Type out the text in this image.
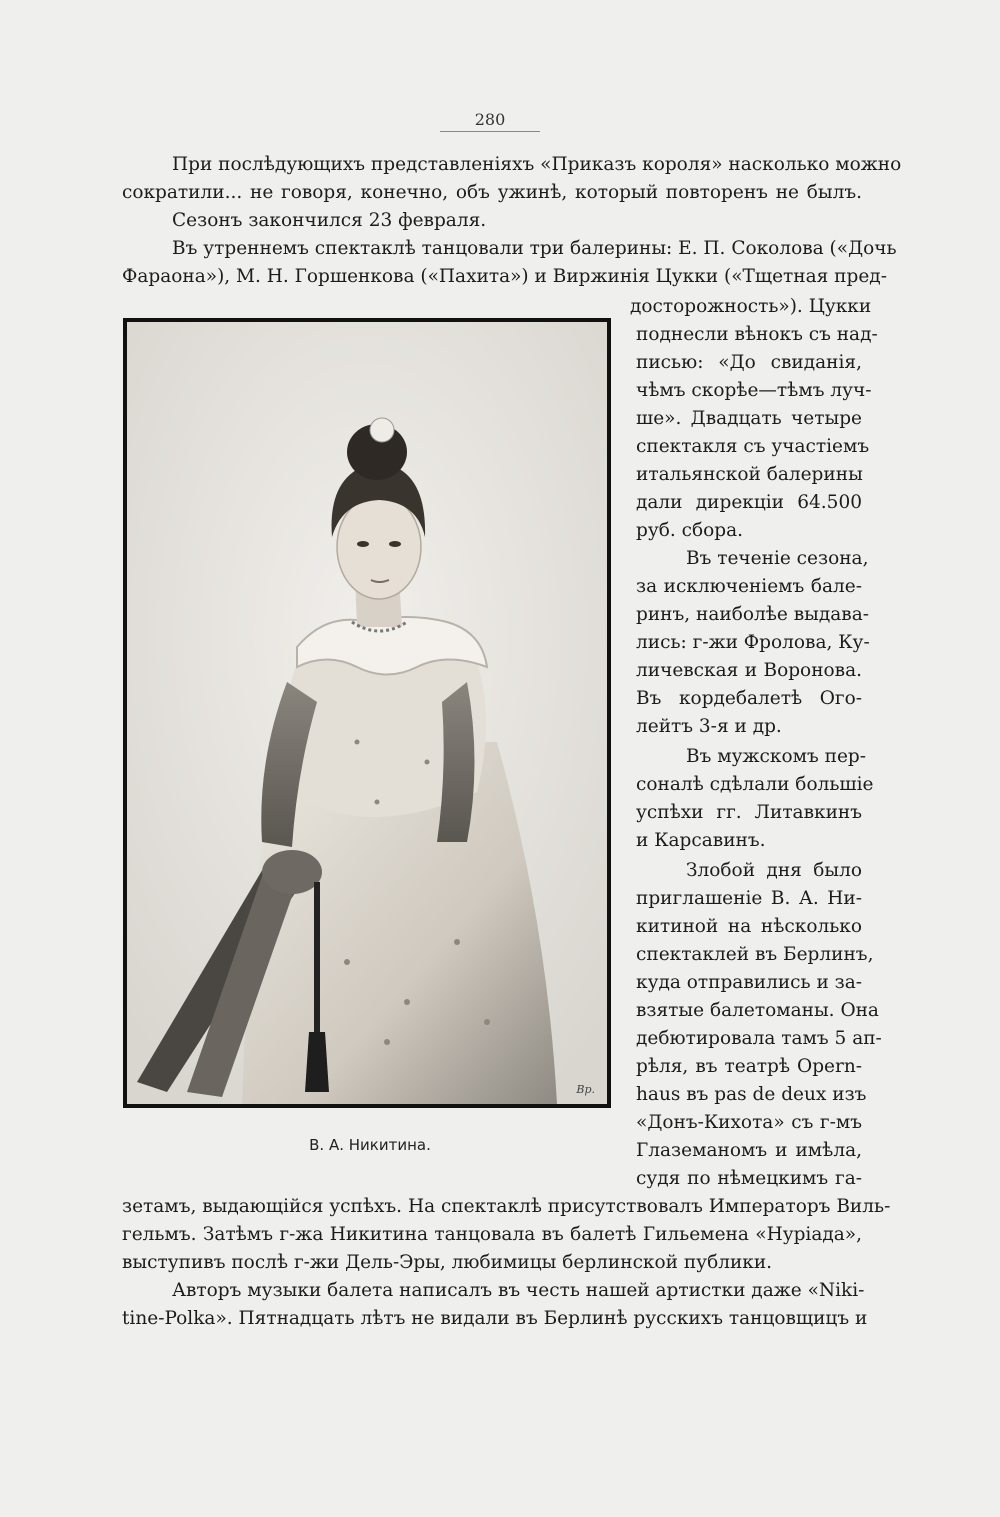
280
При послѣдующихъ представленіяхъ «Приказъ короля» насколько можно
сократили... не говоря, конечно, объ ужинѣ, который повторенъ не былъ.
Сезонъ закончился 23 февраля.
Въ утреннемъ спектаклѣ танцовали три балерины: Е. П. Соколова («Дочь
Фараона»), М. Н. Горшенкова («Пахита») и Виржинія Цукки («Тщетная пред-
Вр.
В. А. Никитина.
досторожность»). Цукки
поднесли вѣнокъ съ над-
писью: «До свиданія,
чѣмъ скорѣе—тѣмъ луч-
ше». Двадцать четыре
спектакля съ участіемъ
итальянской балерины
дали дирекціи 64.500
руб. сбора.
Въ теченіе сезона,
за исключеніемъ бале-
ринъ, наиболѣе выдава-
лись: г-жи Фролова, Ку-
личевская и Воронова.
Въ кордебалетѣ Ого-
лейтъ 3-я и др.
Въ мужскомъ пер-
соналѣ сдѣлали большіе
успѣхи гг. Литавкинъ
и Карсавинъ.
Злобой дня было
приглашеніе В. А. Ни-
китиной на нѣсколько
спектаклей въ Берлинъ,
куда отправились и за-
взятые балетоманы. Она
дебютировала тамъ 5 ап-
рѣля, въ театрѣ Opern-
haus въ pas de deux изъ
«Донъ-Кихота» съ г-мъ
Глаземаномъ и имѣла,
судя по нѣмецкимъ га-
зетамъ, выдающійся успѣхъ. На спектаклѣ присутствовалъ Императоръ Виль-
гельмъ. Затѣмъ г-жа Никитина танцовала въ балетѣ Гильемена «Нуріада»,
выступивъ послѣ г-жи Дель-Эры, любимицы берлинской публики.
Авторъ музыки балета написалъ въ честь нашей артистки даже «Niki-
tine-Polka». Пятнадцать лѣтъ не видали въ Берлинѣ русскихъ танцовщицъ и
